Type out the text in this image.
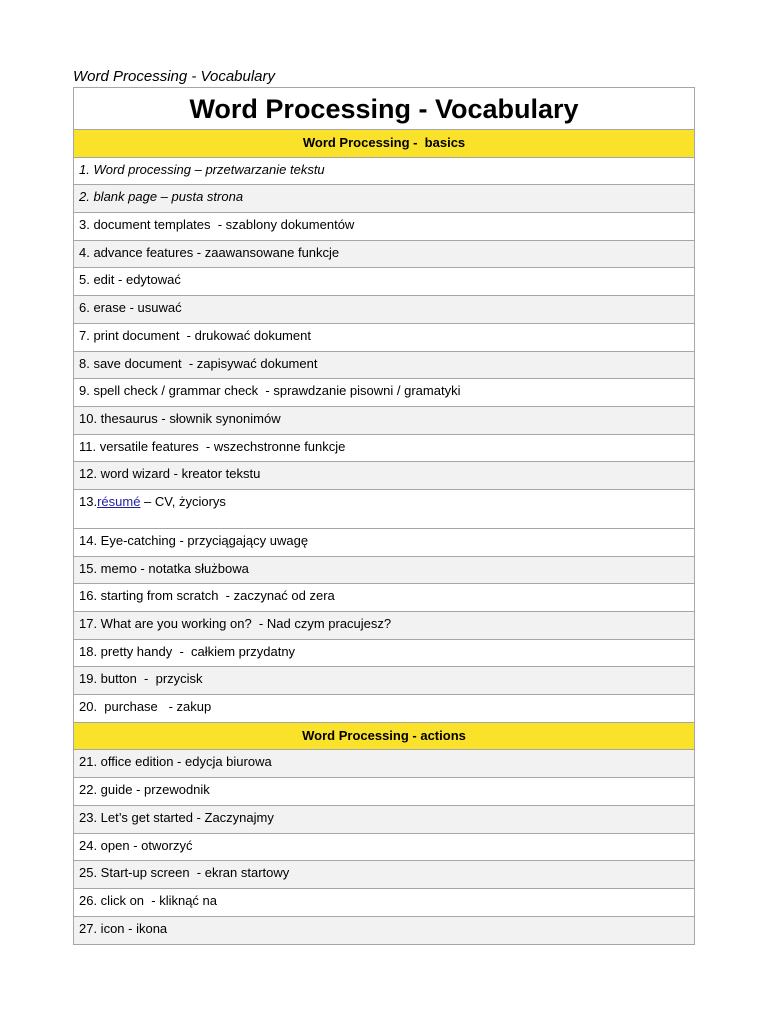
Word Processing - Vocabulary
Word Processing - Vocabulary
Word Processing -  basics
1. Word processing – przetwarzanie tekstu
2. blank page – pusta strona
3. document templates  - szablony dokumentów
4. advance features - zaawansowane funkcje
5. edit - edytować
6. erase - usuwać
7. print document  - drukować dokument
8. save document  - zapisywać dokument
9. spell check / grammar check  - sprawdzanie pisowni / gramatyki
10. thesaurus - słownik synonimów
11. versatile features  - wszechstronne funkcje
12. word wizard - kreator tekstu
13.résumé – CV, życiorys
14. Eye-catching - przyciągający uwagę
15. memo - notatka służbowa
16. starting from scratch  - zaczynać od zera
17. What are you working on?  - Nad czym pracujesz?
18. pretty handy  -  całkiem przydatny
19. button  -  przycisk
20.  purchase   - zakup
Word Processing - actions
21. office edition - edycja biurowa
22. guide - przewodnik
23. Let’s get started - Zaczynajmy
24. open - otworzyć
25. Start-up screen  - ekran startowy
26. click on  - kliknąć na
27. icon - ikona
